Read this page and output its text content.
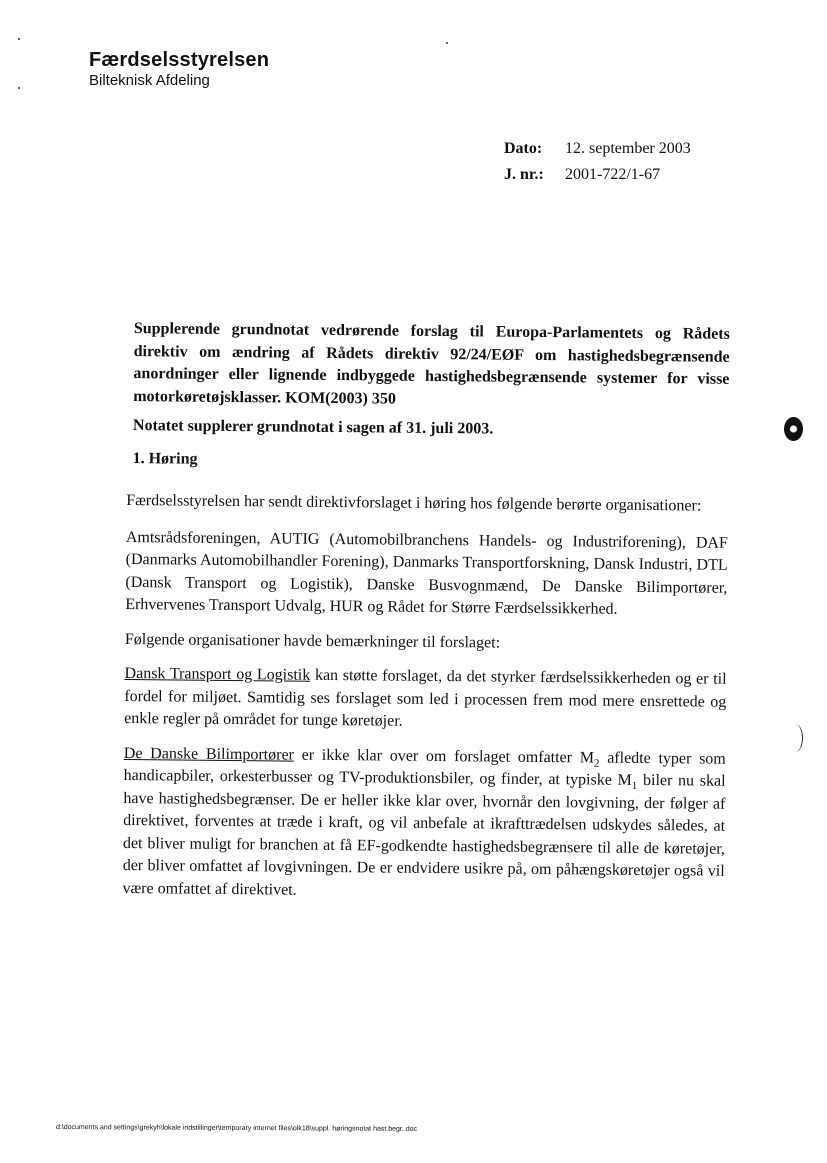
Færdselsstyrelsen
Bilteknisk Afdeling
Dato:	12. september 2003
J. nr.:	2001-722/1-67
Supplerende grundnotat vedrørende forslag til Europa-Parlamentets og Rådets direktiv om ændring af Rådets direktiv 92/24/EØF om hastighedsbegrænsende anordninger eller lignende indbyggede hastighedsbegrænsende systemer for visse motorkøretøjsklasser. KOM(2003) 350
Notatet supplerer grundnotat i sagen af 31. juli 2003.
1. Høring

Færdselsstyrelsen har sendt direktivforslaget i høring hos følgende berørte organisationer:

Amtsrådsforeningen, AUTIG (Automobilbranchens Handels- og Industriforening), DAF (Danmarks Automobilhandler Forening), Danmarks Transportforskning, Dansk Industri, DTL (Dansk Transport og Logistik), Danske Busvognmænd, De Danske Bilimportører, Erhvervenes Transport Udvalg, HUR og Rådet for Større Færdselssikkerhed.

Følgende organisationer havde bemærkninger til forslaget:

Dansk Transport og Logistik kan støtte forslaget, da det styrker færdselssikkerheden og er til fordel for miljøet. Samtidig ses forslaget som led i processen frem mod mere ensrettede og enkle regler på området for tunge køretøjer.

De Danske Bilimportører er ikke klar over om forslaget omfatter $M_2$ afledte typer som handicapbiler, orkesterbusser og TV-produktionsbiler, og finder, at typiske $M_1$ biler nu skal have hastighedsbegrænser. De er heller ikke klar over, hvornår den lovgivning, der følger af direktivet, forventes at træde i kraft, og vil anbefale at ikrafttrædelsen udskydes således, at det bliver muligt for branchen at få EF-godkendte hastighedsbegrænsere til alle de køretøjer, der bliver omfattet af lovgivningen. De er endvidere usikre på, om påhængskøretøjer også vil være omfattet af direktivet.

d:\documents and settings\grekyh\lokale indstillinger\temporary internet files\olk18\suppl. høringsnotat hast.begr..doc
